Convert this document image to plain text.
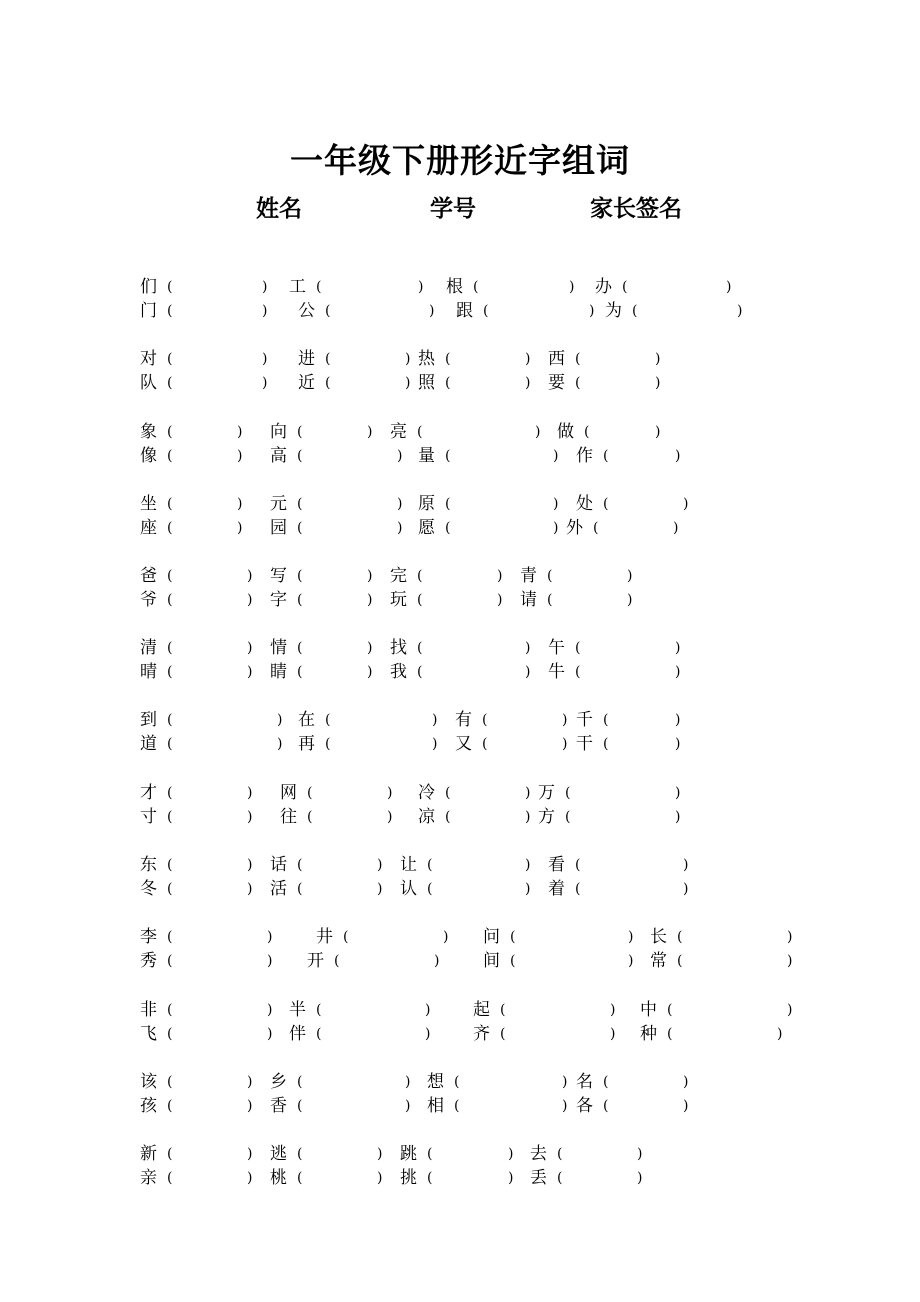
一年级下册形近字组词
姓名	学号	家长签名
们 (	) 工 (	) 根 (	) 办 (	)
门 (	) 公 (	) 跟 (	) 为 (	)
对 (	) 进 (	) 热 (	) 西 (	)
队 (	) 近 (	) 照 (	) 要 (	)
象 (	) 向 (	) 亮 (	) 做 (	)
像 (	) 高 (	) 量 (	) 作 (	)
坐 (	) 元 (	) 原 (	) 处 (	)
座 (	) 园 (	) 愿 (	) 外 (	)
爸 (	) 写 (	) 完 (	) 青 (	)
爷 (	) 字 (	) 玩 (	) 请 (	)
清 (	) 情 (	) 找 (	) 午 (	)
晴 (	) 睛 (	) 我 (	) 牛 (	)
到 (	) 在 (	) 有 (	) 千 (	)
道 (	) 再 (	) 又 (	) 干 (	)
才 (	) 网 (	) 冷 (	) 万 (	)
寸 (	) 往 (	) 凉 (	) 方 (	)
东 (	) 话 (	) 让 (	) 看 (	)
冬 (	) 活 (	) 认 (	) 着 (	)
李 (	)	井 (	) 问 (	) 长 (	)
秀 (	) 开 (	)	间 (	) 常 (	)
非 (	) 半 (	)	起 (	) 中 (	)
飞 (	) 伴 (	)	齐 (	) 种 (	)
该 (	) 乡 (	) 想 (	) 名 (	)
孩 (	) 香 (	) 相 (	) 各 (	)
新 (	) 逃 (	) 跳 (	) 去 (	)
亲 (	) 桃 (	) 挑 (	) 丢 (	)
